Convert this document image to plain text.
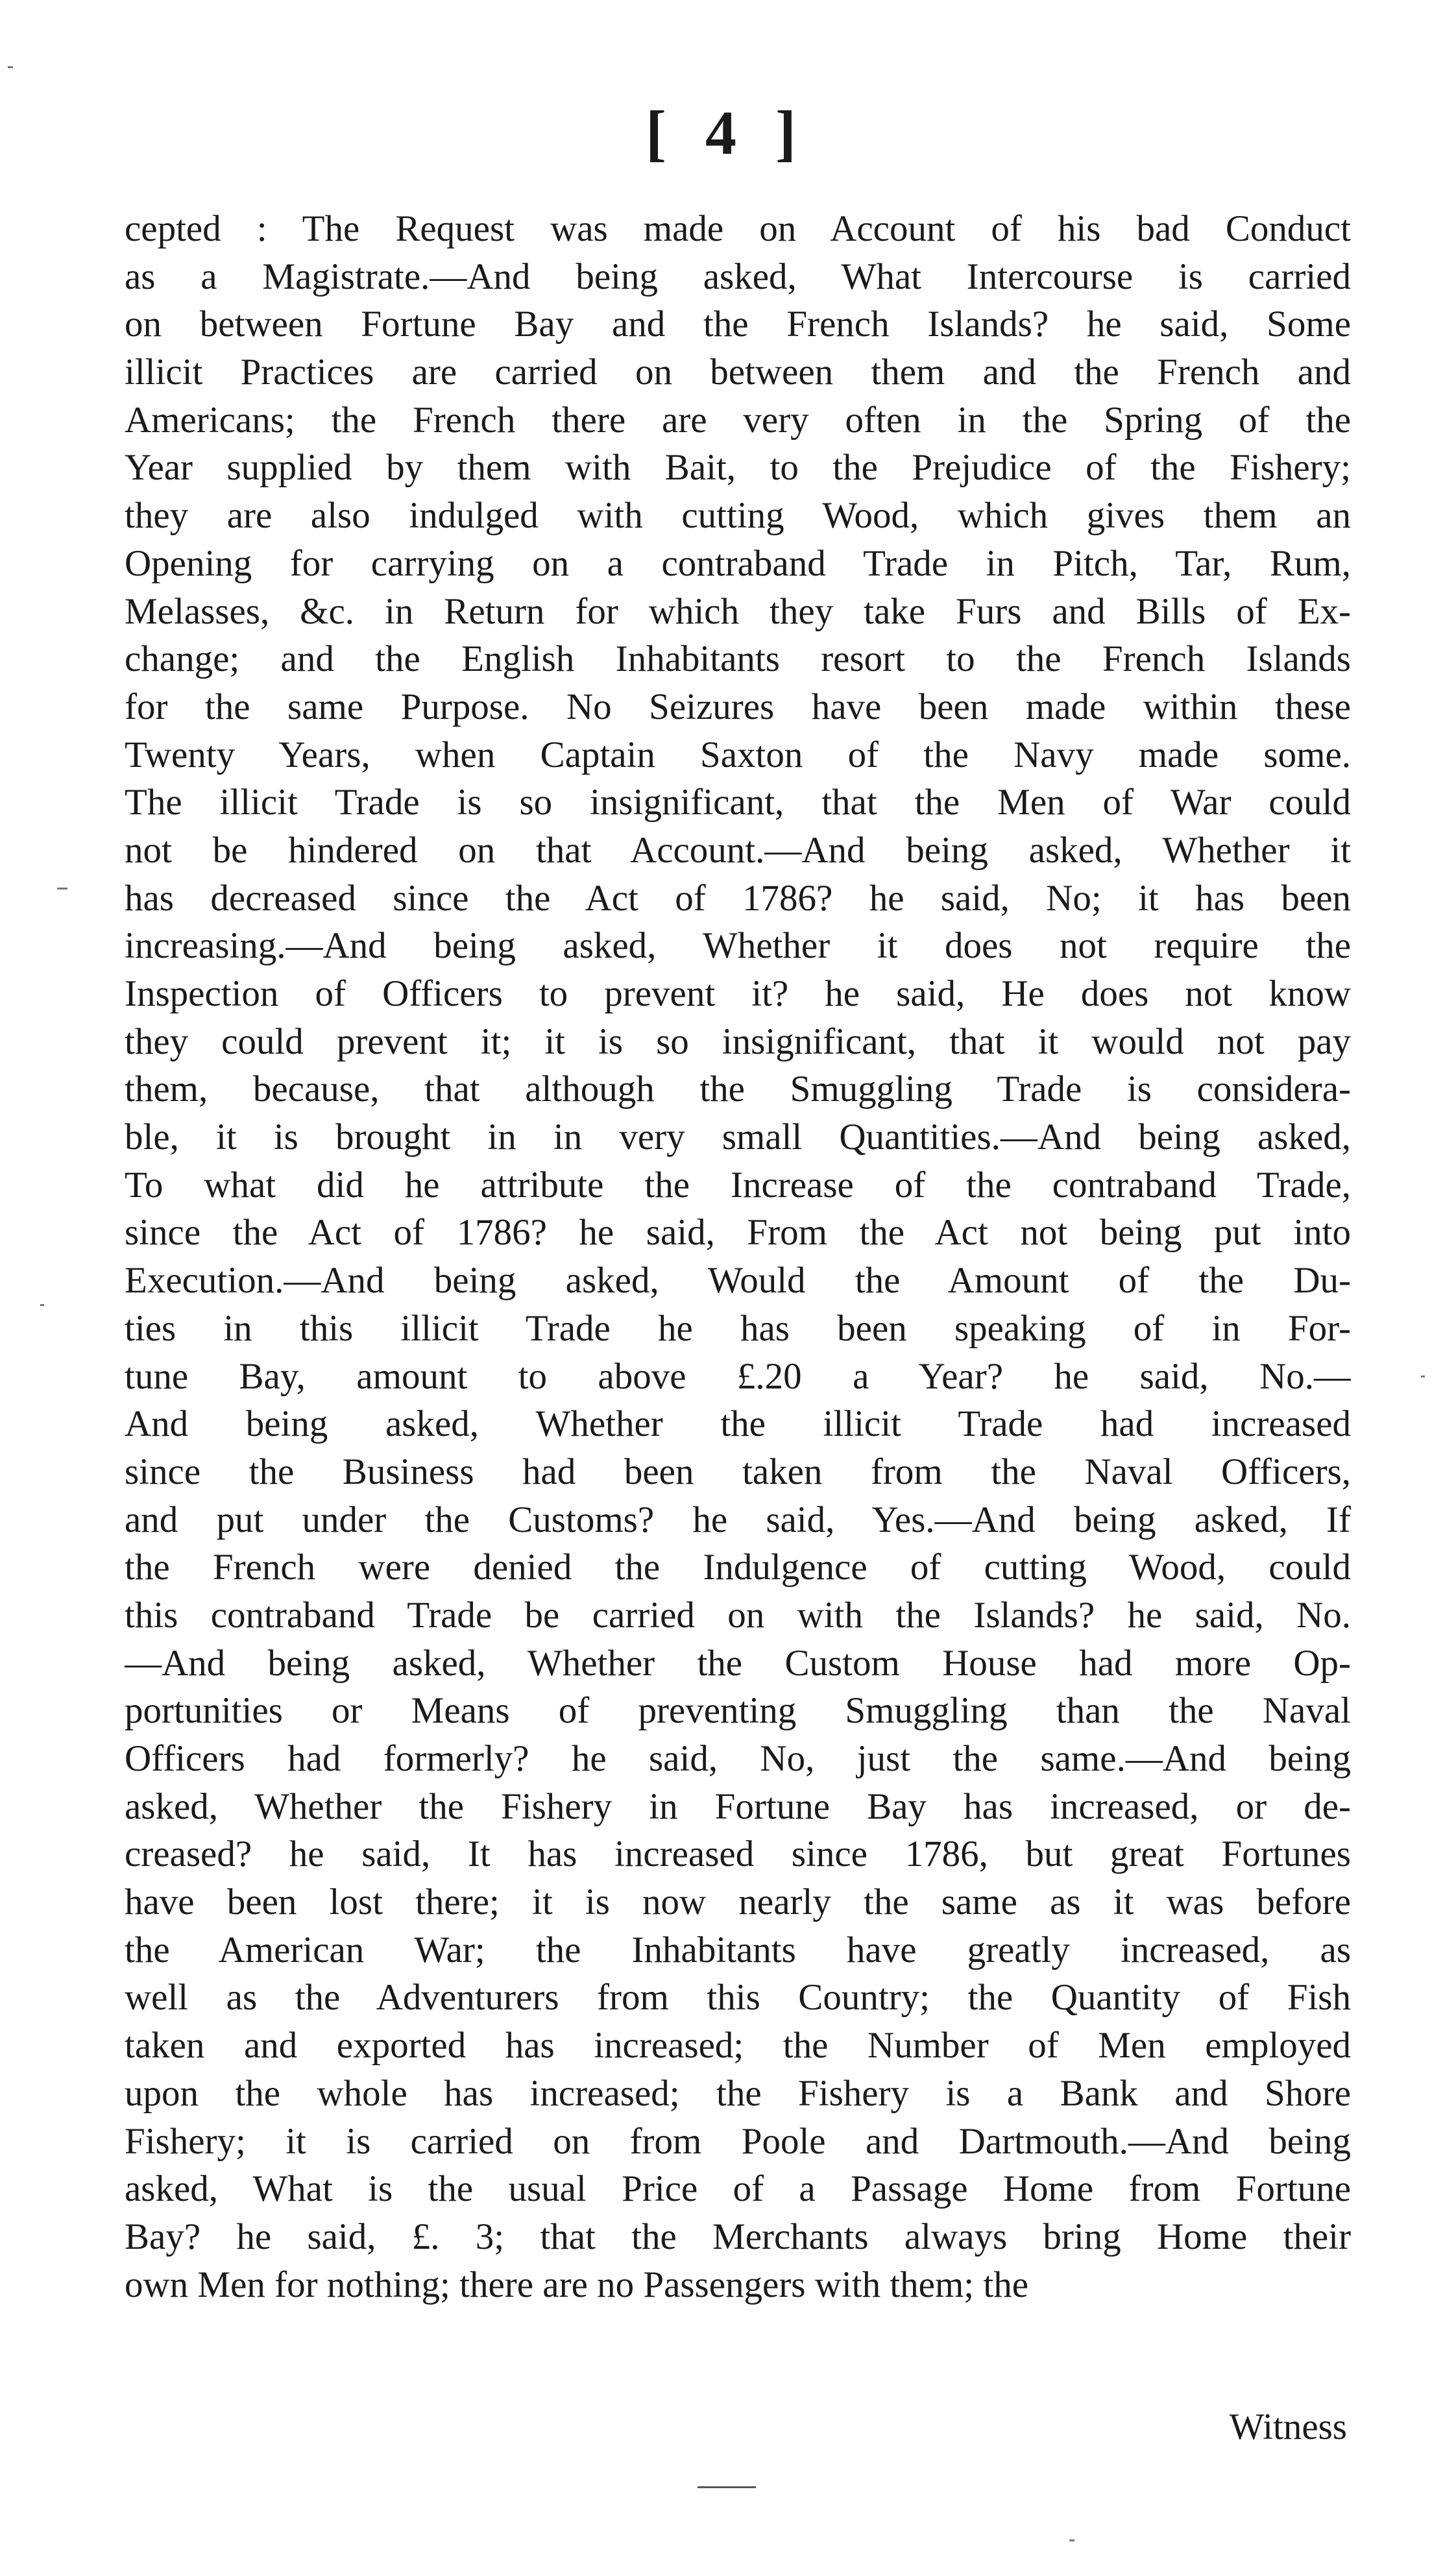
[ 4 ]
cepted : The Request was made on Account of his bad Conduct
as a Magistrate.—And being asked, What Intercourse is carried
on between Fortune Bay and the French Islands? he said, Some
illicit Practices are carried on between them and the French and
Americans; the French there are very often in the Spring of the
Year supplied by them with Bait, to the Prejudice of the Fishery;
they are also indulged with cutting Wood, which gives them an
Opening for carrying on a contraband Trade in Pitch, Tar, Rum,
Melasses, &c. in Return for which they take Furs and Bills of Ex-
change; and the English Inhabitants resort to the French Islands
for the same Purpose. No Seizures have been made within these
Twenty Years, when Captain Saxton of the Navy made some.
The illicit Trade is so insignificant, that the Men of War could
not be hindered on that Account.—And being asked, Whether it
has decreased since the Act of 1786? he said, No; it has been
increasing.—And being asked, Whether it does not require the
Inspection of Officers to prevent it? he said, He does not know
they could prevent it; it is so insignificant, that it would not pay
them, because, that although the Smuggling Trade is considera-
ble, it is brought in in very small Quantities.—And being asked,
To what did he attribute the Increase of the contraband Trade,
since the Act of 1786? he said, From the Act not being put into
Execution.—And being asked, Would the Amount of the Du-
ties in this illicit Trade he has been speaking of in For-
tune Bay, amount to above £.20 a Year? he said, No.—
And being asked, Whether the illicit Trade had increased
since the Business had been taken from the Naval Officers,
and put under the Customs? he said, Yes.—And being asked, If
the French were denied the Indulgence of cutting Wood, could
this contraband Trade be carried on with the Islands? he said, No.
—And being asked, Whether the Custom House had more Op-
portunities or Means of preventing Smuggling than the Naval
Officers had formerly? he said, No, just the same.—And being
asked, Whether the Fishery in Fortune Bay has increased, or de-
creased? he said, It has increased since 1786, but great Fortunes
have been lost there; it is now nearly the same as it was before
the American War; the Inhabitants have greatly increased, as
well as the Adventurers from this Country; the Quantity of Fish
taken and exported has increased; the Number of Men employed
upon the whole has increased; the Fishery is a Bank and Shore
Fishery; it is carried on from Poole and Dartmouth.—And being
asked, What is the usual Price of a Passage Home from Fortune
Bay? he said, £. 3; that the Merchants always bring Home their
own Men for nothing; there are no Passengers with them; the
Witness
